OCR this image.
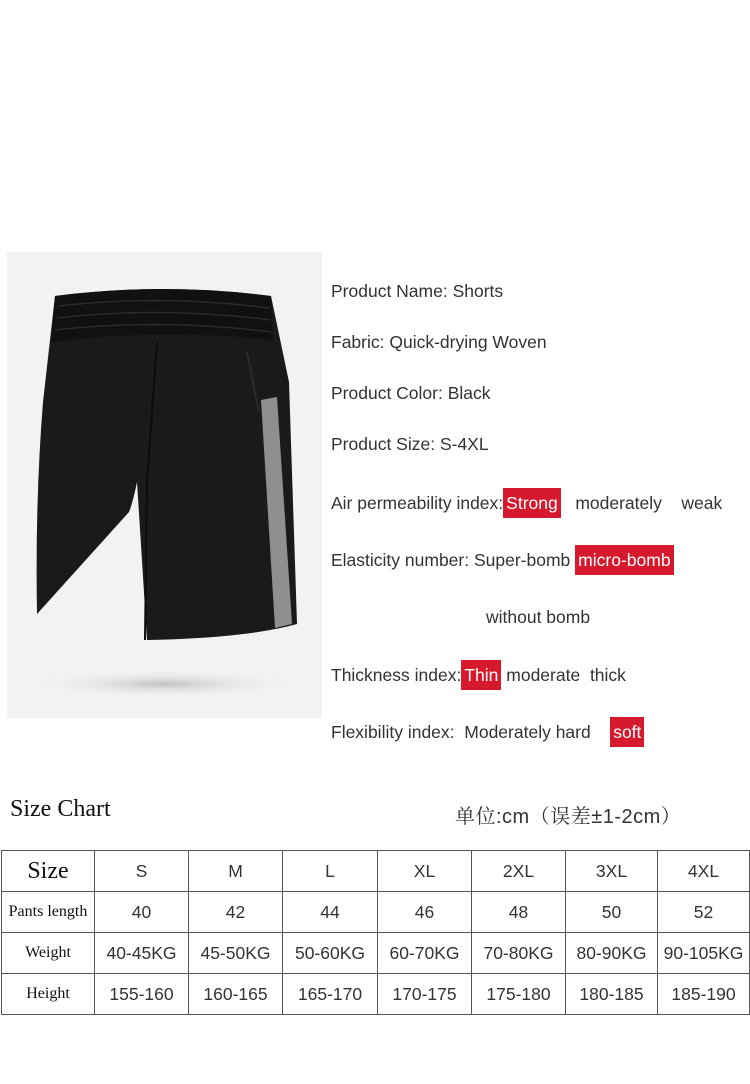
Product Name: Shorts
Fabric: Quick-drying Woven
Product Color: Black
Product Size: S-4XL
Air permeability index: Strong moderately weak
Elasticity number: Super-bomb micro-bomb
without bomb
Thickness index: Thin moderate thick
Flexibility index: Moderately hard soft
Size Chart	单位:cm（误差±1-2cm）
Size	S	M	L	XL	2XL	3XL	4XL
Pants length	40	42	44	46	48	50	52
Weight	40-45KG	45-50KG	50-60KG	60-70KG	70-80KG	80-90KG	90-105KG
Height	155-160	160-165	165-170	170-175	175-180	180-185	185-190
